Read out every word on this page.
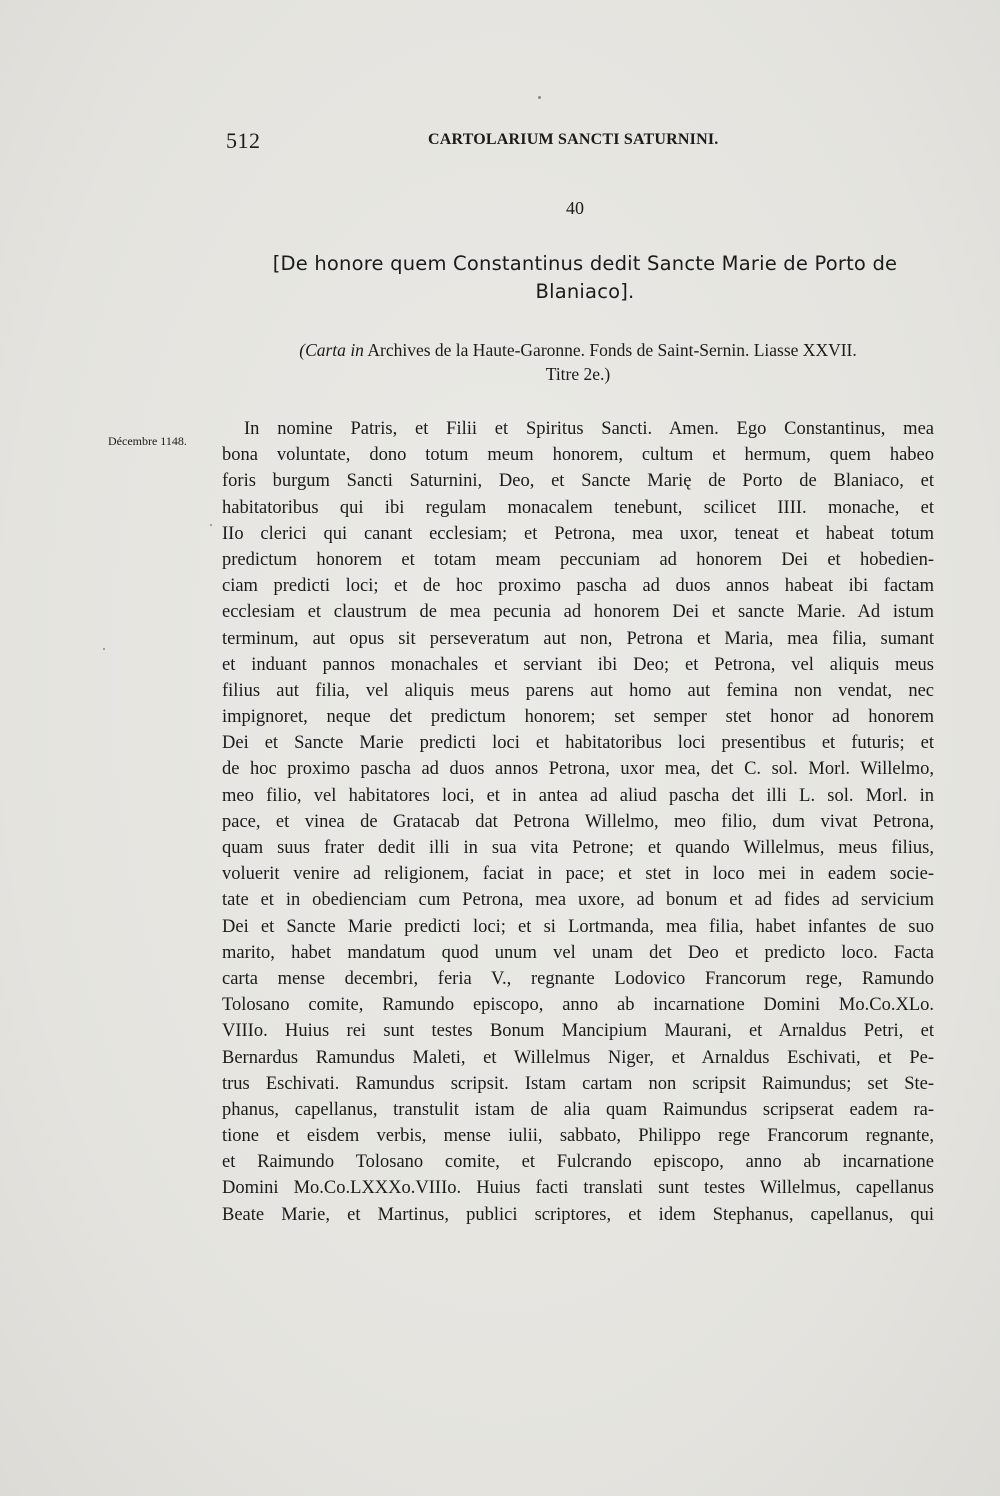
512	CARTOLARIUM SANCTI SATURNINI.
40
[De honore quem Constantinus dedit Sancte Marie de Porto de
Blaniaco].
(Carta in Archives de la Haute-Garonne. Fonds de Saint-Sernin. Liasse XXVII.
Titre 2e.)
Décembre 1148.
In nomine Patris, et Filii et Spiritus Sancti. Amen. Ego Constantinus, mea
bona voluntate, dono totum meum honorem, cultum et hermum, quem habeo
foris burgum Sancti Saturnini, Deo, et Sancte Marię de Porto de Blaniaco, et
habitatoribus qui ibi regulam monacalem tenebunt, scilicet IIII. monache, et
IIo clerici qui canant ecclesiam; et Petrona, mea uxor, teneat et habeat totum
predictum honorem et totam meam peccuniam ad honorem Dei et hobedien-
ciam predicti loci; et de hoc proximo pascha ad duos annos habeat ibi factam
ecclesiam et claustrum de mea pecunia ad honorem Dei et sancte Marie. Ad istum
terminum, aut opus sit perseveratum aut non, Petrona et Maria, mea filia, sumant
et induant pannos monachales et serviant ibi Deo; et Petrona, vel aliquis meus
filius aut filia, vel aliquis meus parens aut homo aut femina non vendat, nec
impignoret, neque det predictum honorem; set semper stet honor ad honorem
Dei et Sancte Marie predicti loci et habitatoribus loci presentibus et futuris; et
de hoc proximo pascha ad duos annos Petrona, uxor mea, det C. sol. Morl. Willelmo,
meo filio, vel habitatores loci, et in antea ad aliud pascha det illi L. sol. Morl. in
pace, et vinea de Gratacab dat Petrona Willelmo, meo filio, dum vivat Petrona,
quam suus frater dedit illi in sua vita Petrone; et quando Willelmus, meus filius,
voluerit venire ad religionem, faciat in pace; et stet in loco mei in eadem socie-
tate et in obedienciam cum Petrona, mea uxore, ad bonum et ad fides ad servicium
Dei et Sancte Marie predicti loci; et si Lortmanda, mea filia, habet infantes de suo
marito, habet mandatum quod unum vel unam det Deo et predicto loco. Facta
carta mense decembri, feria V., regnante Lodovico Francorum rege, Ramundo
Tolosano comite, Ramundo episcopo, anno ab incarnatione Domini Mo.Co.XLo.
VIIIo. Huius rei sunt testes Bonum Mancipium Maurani, et Arnaldus Petri, et
Bernardus Ramundus Maleti, et Willelmus Niger, et Arnaldus Eschivati, et Pe-
trus Eschivati. Ramundus scripsit. Istam cartam non scripsit Raimundus; set Ste-
phanus, capellanus, transtulit istam de alia quam Raimundus scripserat eadem ra-
tione et eisdem verbis, mense iulii, sabbato, Philippo rege Francorum regnante,
et Raimundo Tolosano comite, et Fulcrando episcopo, anno ab incarnatione
Domini Mo.Co.LXXXo.VIIIo. Huius facti translati sunt testes Willelmus, capellanus
Beate Marie, et Martinus, publici scriptores, et idem Stephanus, capellanus, qui
